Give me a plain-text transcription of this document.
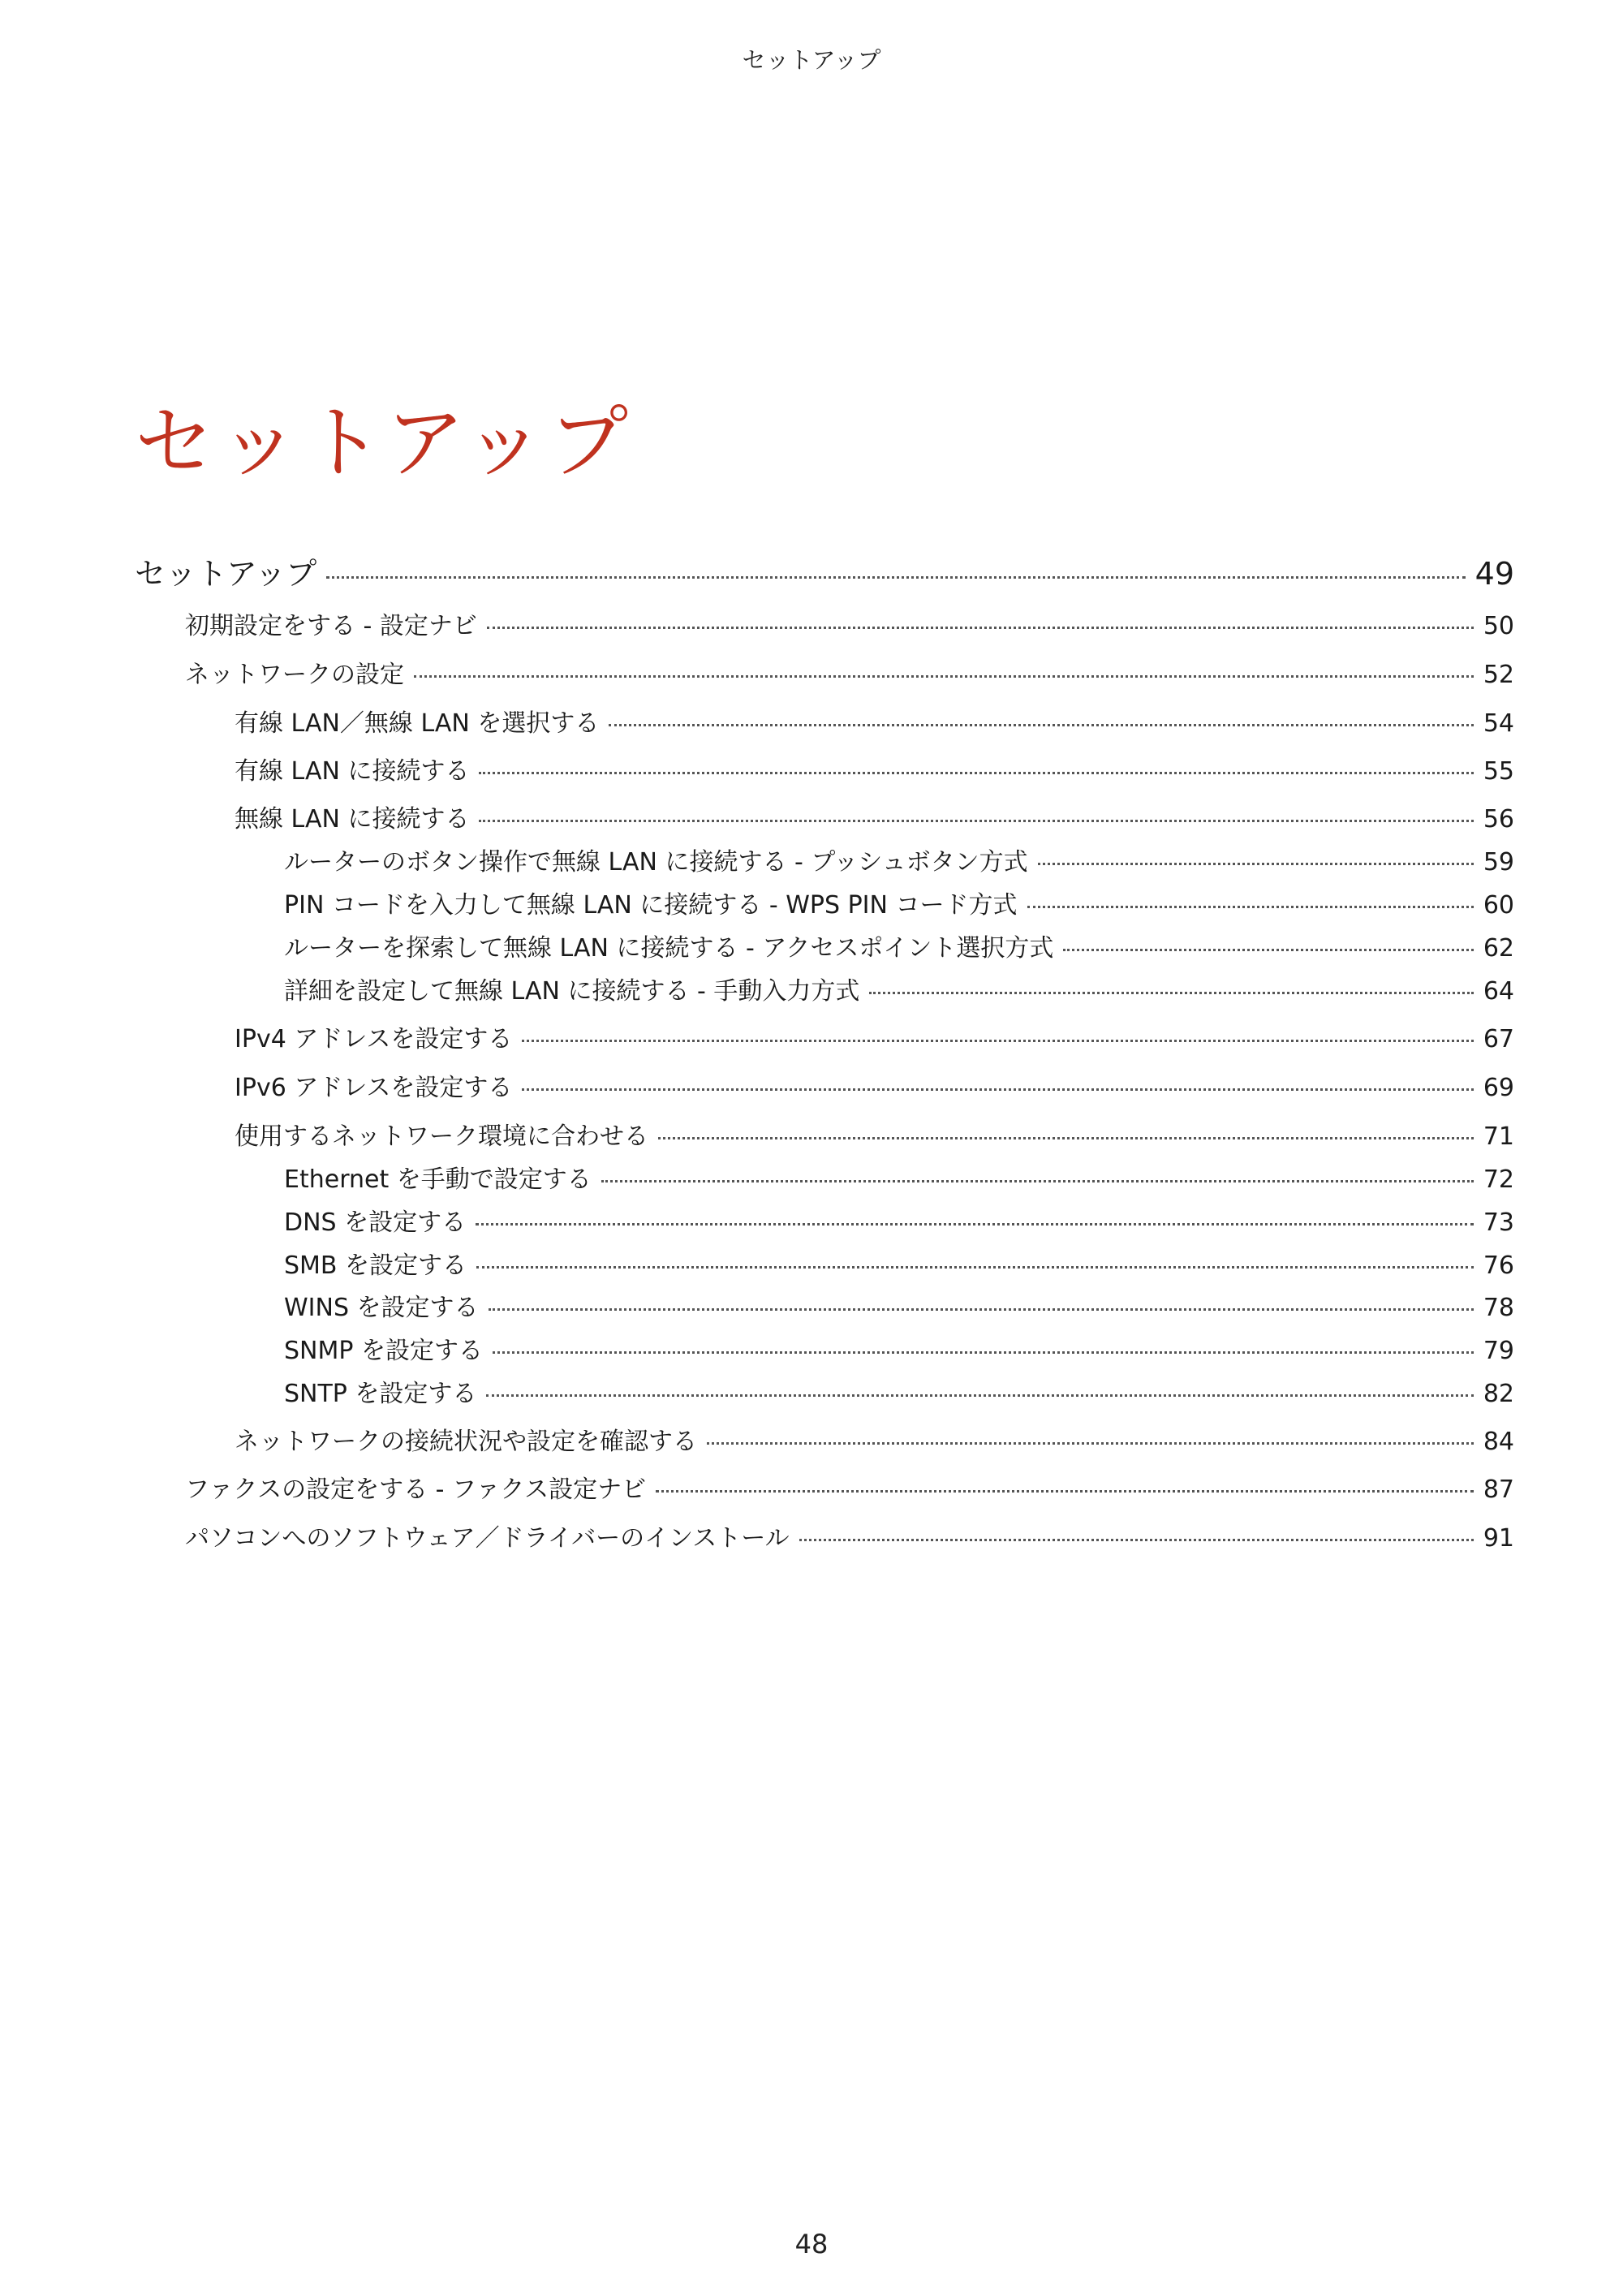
セットアップ
セットアップ
セットアップ	49
初期設定をする - 設定ナビ	50
ネットワークの設定	52
有線 LAN／無線 LAN を選択する	54
有線 LAN に接続する	55
無線 LAN に接続する	56
ルーターのボタン操作で無線 LAN に接続する - プッシュボタン方式	59
PIN コードを入力して無線 LAN に接続する - WPS PIN コード方式	60
ルーターを探索して無線 LAN に接続する - アクセスポイント選択方式	62
詳細を設定して無線 LAN に接続する - 手動入力方式	64
IPv4 アドレスを設定する	67
IPv6 アドレスを設定する	69
使用するネットワーク環境に合わせる	71
Ethernet を手動で設定する	72
DNS を設定する	73
SMB を設定する	76
WINS を設定する	78
SNMP を設定する	79
SNTP を設定する	82
ネットワークの接続状況や設定を確認する	84
ファクスの設定をする - ファクス設定ナビ	87
パソコンへのソフトウェア／ドライバーのインストール	91
48
